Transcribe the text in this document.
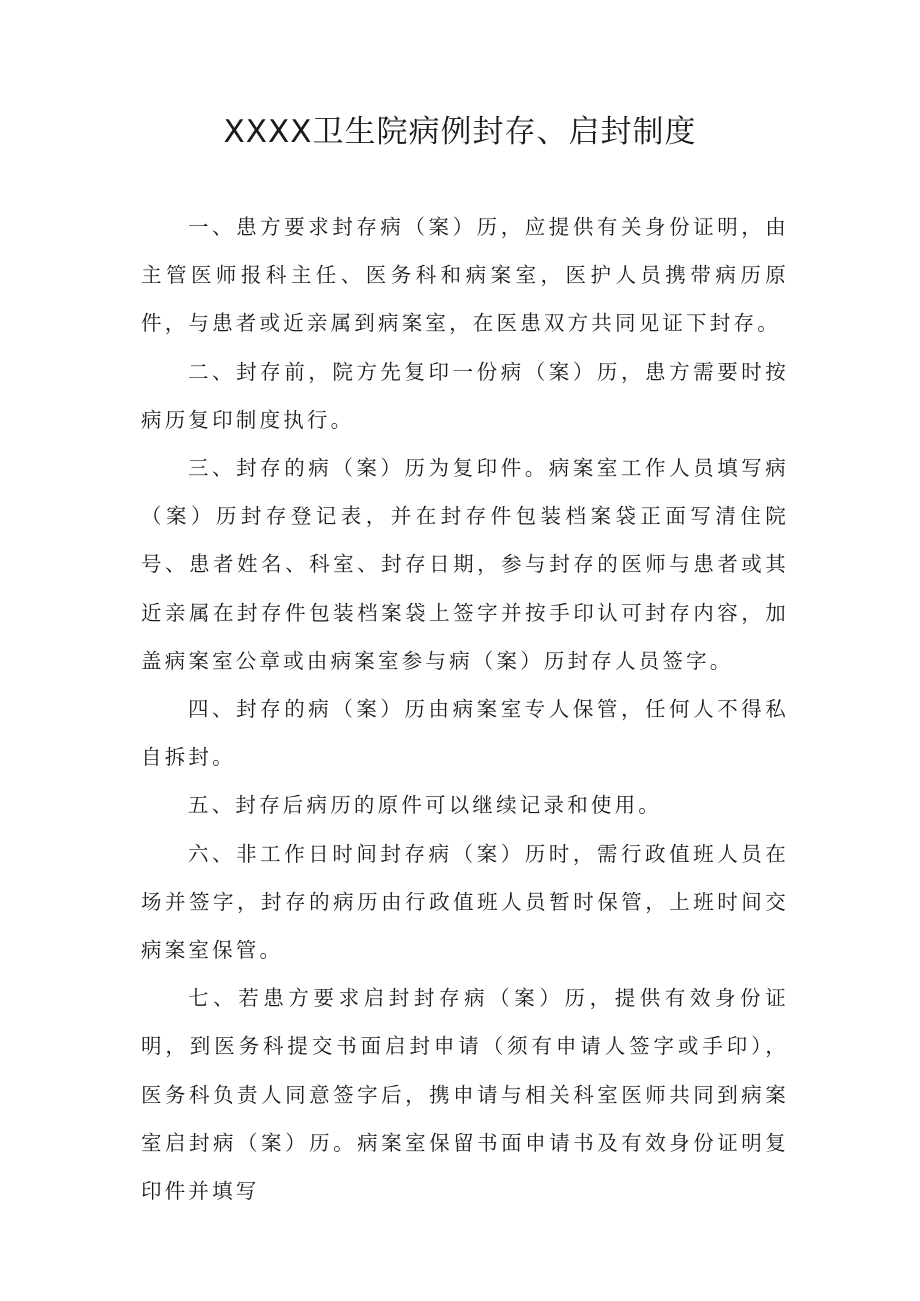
XXXX卫生院病例封存、启封制度

一、患方要求封存病（案）历，应提供有关身份证明，由主管医师报科主任、医务科和病案室，医护人员携带病历原件，与患者或近亲属到病案室，在医患双方共同见证下封存。

二、封存前，院方先复印一份病（案）历，患方需要时按病历复印制度执行。

三、封存的病（案）历为复印件。病案室工作人员填写病（案）历封存登记表，并在封存件包装档案袋正面写清住院号、患者姓名、科室、封存日期，参与封存的医师与患者或其近亲属在封存件包装档案袋上签字并按手印认可封存内容，加盖病案室公章或由病案室参与病（案）历封存人员签字。

四、封存的病（案）历由病案室专人保管，任何人不得私自拆封。

五、封存后病历的原件可以继续记录和使用。

六、非工作日时间封存病（案）历时，需行政值班人员在场并签字，封存的病历由行政值班人员暂时保管，上班时间交病案室保管。

七、若患方要求启封封存病（案）历，提供有效身份证明，到医务科提交书面启封申请（须有申请人签字或手印），医务科负责人同意签字后，携申请与相关科室医师共同到病案室启封病（案）历。病案室保留书面申请书及有效身份证明复印件并填写
